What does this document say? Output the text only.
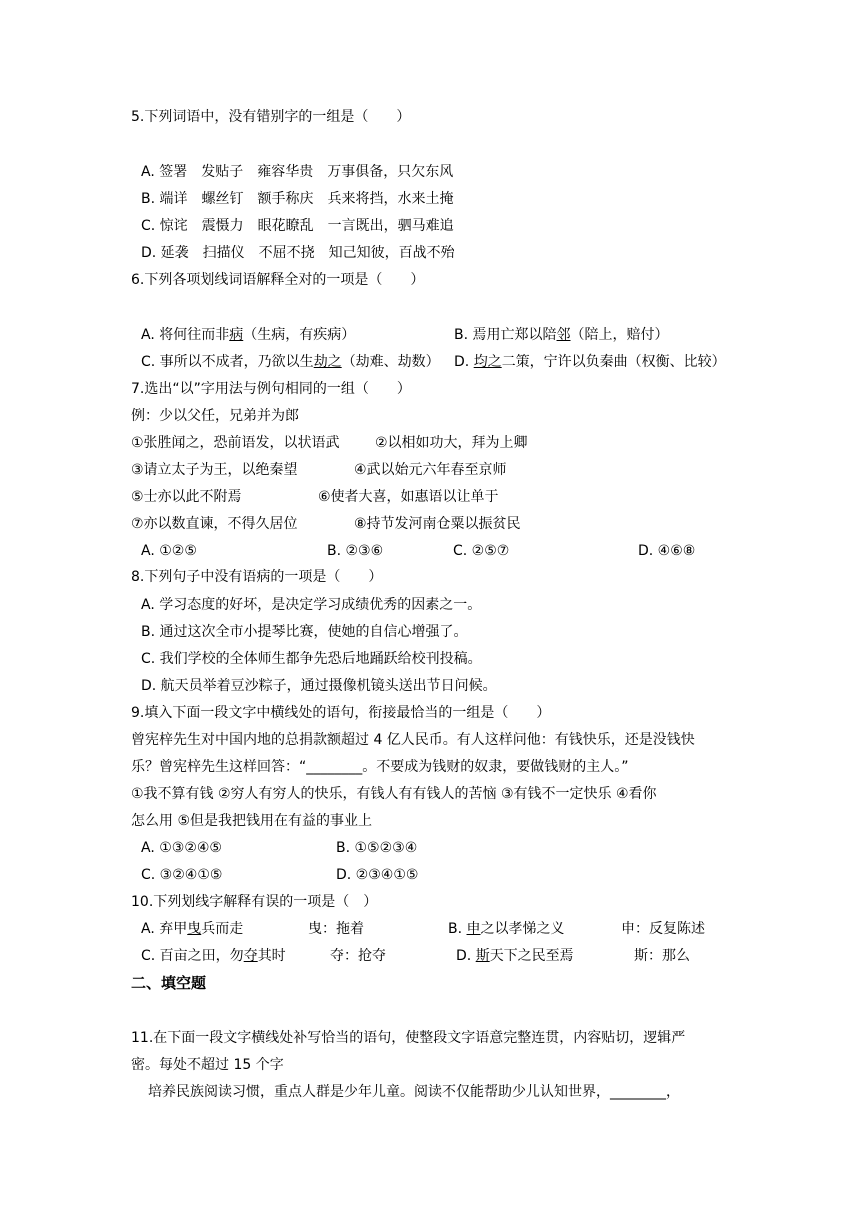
5.下列词语中，没有错别字的一组是（　　）
A. 签署　发贴子　雍容华贵　万事俱备，只欠东风
B. 端详　螺丝钉　额手称庆　兵来将挡，水来土掩
C. 惊诧　震慑力　眼花瞭乱　一言既出，驷马难追
D. 延袭　扫描仪　不屈不挠　知己知彼，百战不殆
6.下列各项划线词语解释全对的一项是（　　）
A. 将何往而非病（生病，有疾病）	B. 焉用亡郑以陪邻（陪上，赔付）
C. 事所以不成者，乃欲以生劫之（劫难、劫数） D. 均之二策，宁许以负秦曲（权衡、比较）
7.选出“以”字用法与例句相同的一组（　　）
例：少以父任，兄弟并为郎
①张胜闻之，恐前语发，以状语武	②以相如功大，拜为上卿
③请立太子为王，以绝秦望	④武以始元六年春至京师
⑤士亦以此不附焉	⑥使者大喜，如惠语以让单于
⑦亦以数直谏，不得久居位	⑧持节发河南仓粟以振贫民
A. ①②⑤	B. ②③⑥	C. ②⑤⑦	D. ④⑥⑧
8.下列句子中没有语病的一项是（　　）
A. 学习态度的好坏，是决定学习成绩优秀的因素之一。
B. 通过这次全市小提琴比赛，使她的自信心增强了。
C. 我们学校的全体师生都争先恐后地踊跃给校刊投稿。
D. 航天员举着豆沙粽子，通过摄像机镜头送出节日问候。
9.填入下面一段文字中横线处的语句，衔接最恰当的一组是（　　）
曾宪梓先生对中国内地的总捐款额超过 4 亿人民币。有人这样问他：有钱快乐，还是没钱快
乐？曾宪梓先生这样回答：“________。不要成为钱财的奴隶，要做钱财的主人。”
①我不算有钱 ②穷人有穷人的快乐，有钱人有有钱人的苦恼 ③有钱不一定快乐 ④看你
怎么用 ⑤但是我把钱用在有益的事业上
A. ①③②④⑤	B. ①⑤②③④
C. ③②④①⑤	D. ②③④①⑤
10.下列划线字解释有误的一项是（　）
A. 弃甲曳兵而走	曳：拖着	B. 申之以孝悌之义	申：反复陈述
C. 百亩之田，勿夺其时	夺：抢夺	D. 斯天下之民至焉	斯：那么
二、填空题
11.在下面一段文字横线处补写恰当的语句，使整段文字语意完整连贯，内容贴切，逻辑严
密。每处不超过 15 个字
　培养民族阅读习惯，重点人群是少年儿童。阅读不仅能帮助少儿认知世界，________，
